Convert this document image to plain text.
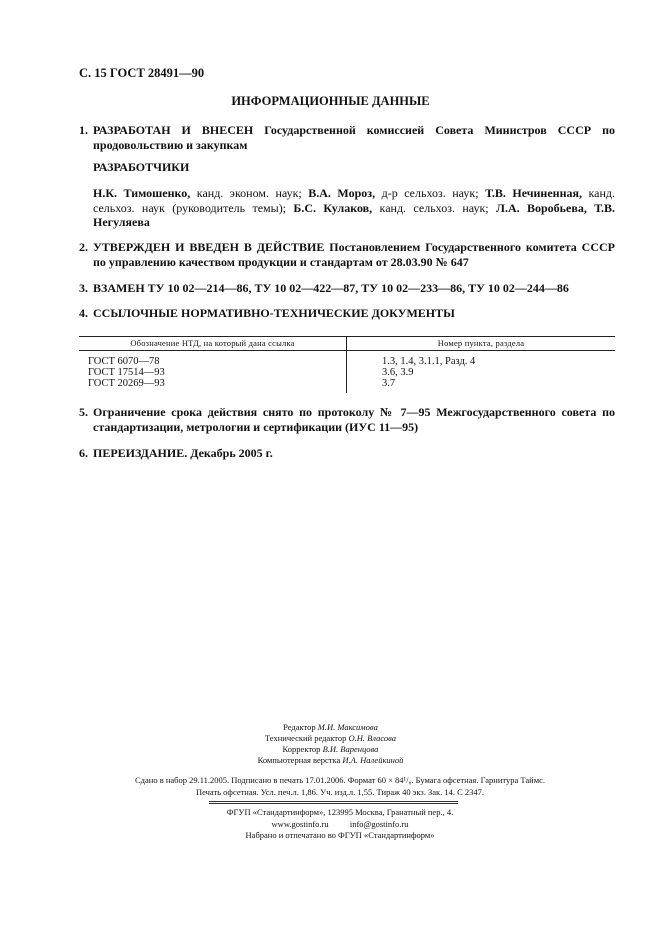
С. 15 ГОСТ 28491—90
ИНФОРМАЦИОННЫЕ ДАННЫЕ
1. РАЗРАБОТАН И ВНЕСЕН Государственной комиссией Совета Министров СССР по продовольствию и закупкам
РАЗРАБОТЧИКИ
Н.К. Тимошенко, канд. эконом. наук; В.А. Мороз, д-р сельхоз. наук; Т.В. Нечиненная, канд. сельхоз. наук (руководитель темы); Б.С. Кулаков, канд. сельхоз. наук; Л.А. Воробьева, Т.В. Негуляева
2. УТВЕРЖДЕН И ВВЕДЕН В ДЕЙСТВИЕ Постановлением Государственного комитета СССР по управлению качеством продукции и стандартам от 28.03.90 № 647
3. ВЗАМЕН ТУ 10 02—214—86, ТУ 10 02—422—87, ТУ 10 02—233—86, ТУ 10 02—244—86
4. ССЫЛОЧНЫЕ НОРМАТИВНО-ТЕХНИЧЕСКИЕ ДОКУМЕНТЫ
Обозначение НТД, на который дана ссылка	Номер пункта, раздела
ГОСТ 6070—78	1.3, 1.4, 3.1.1, Разд. 4
ГОСТ 17514—93	3.6, 3.9
ГОСТ 20269—93	3.7
5. Ограничение срока действия снято по протоколу № 7—95 Межгосударственного совета по стандартизации, метрологии и сертификации (ИУС 11—95)
6. ПЕРЕИЗДАНИЕ. Декабрь 2005 г.
Редактор М.И. Максимова
Технический редактор О.Н. Власова
Корректор В.И. Варенцова
Компьютерная верстка И.А. Налейкиной
Сдано в набор 29.11.2005. Подписано в печать 17.01.2006. Формат 60 × 84¹/₈. Бумага офсетная. Гарнитура Таймс.
Печать офсетная. Усл. печ.л. 1,86. Уч. изд.л. 1,55. Тираж 40 экз. Зак. 14. С 2347.
ФГУП «Стандартинформ», 123995 Москва, Гранатный пер., 4.
www.gostinfo.ru	info@gostinfo.ru
Набрано и отпечатано во ФГУП «Стандартинформ»
